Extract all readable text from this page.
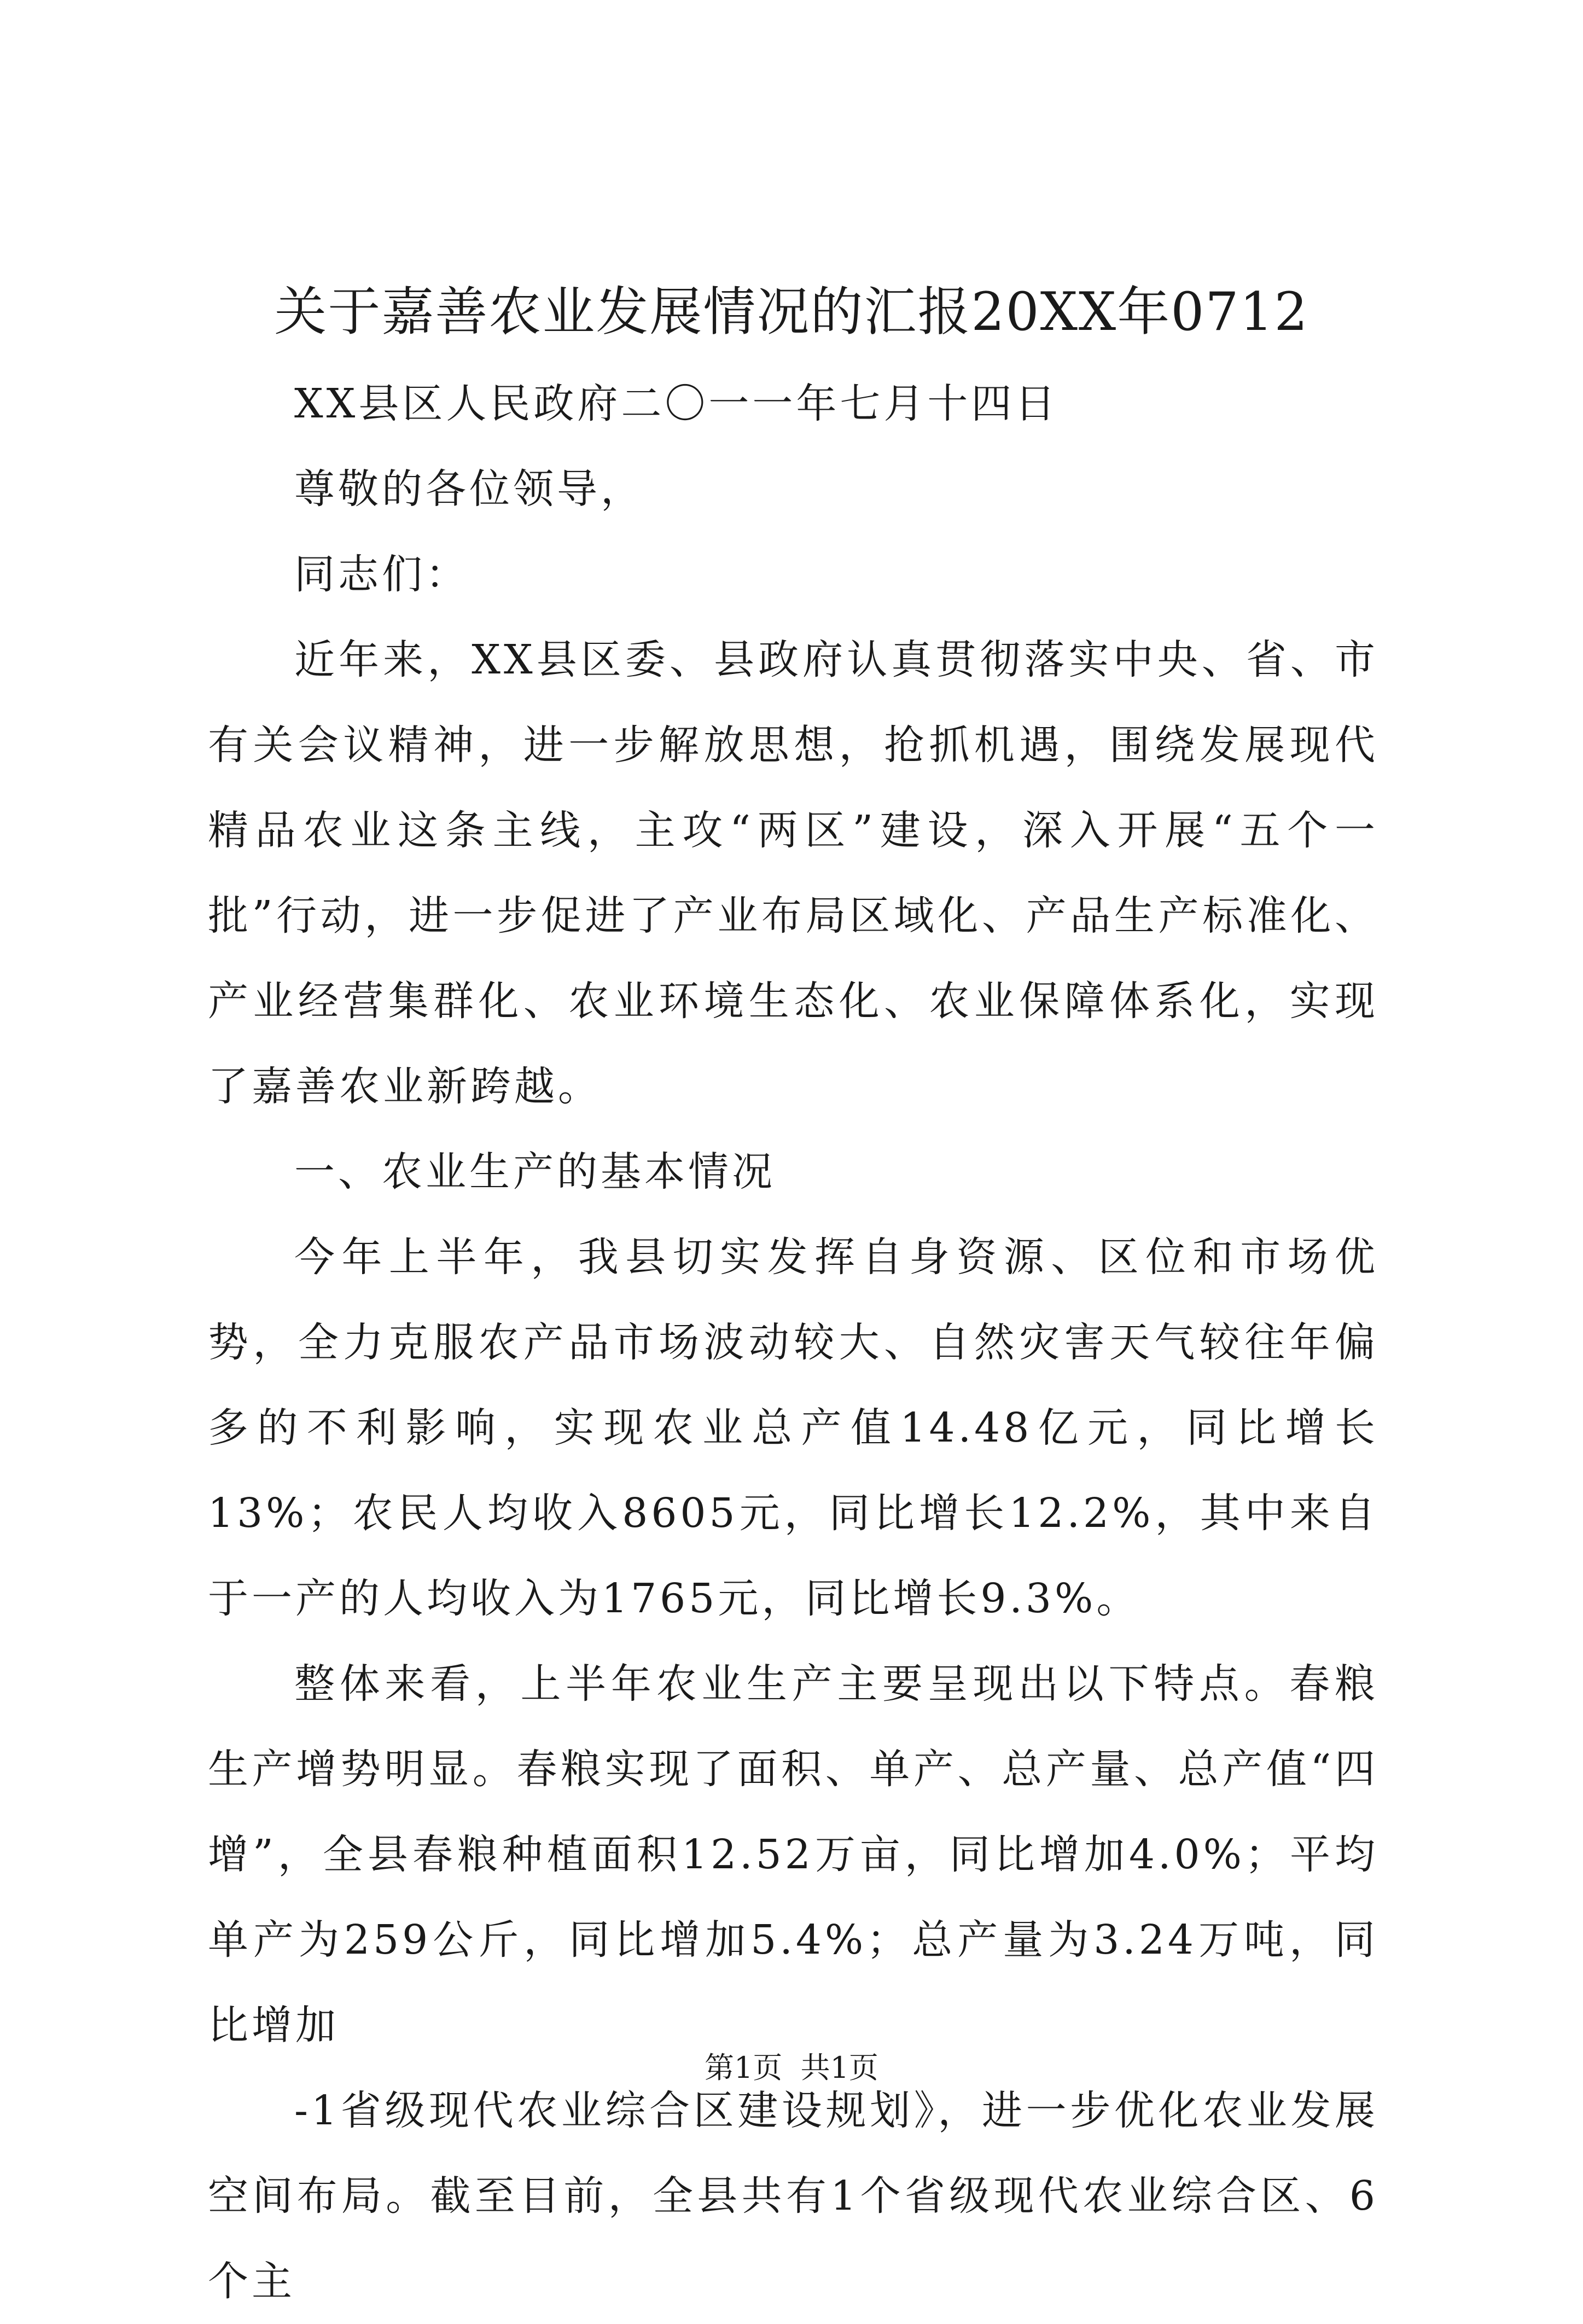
关于嘉善农业发展情况的汇报20XX年0712

XX县区人民政府二〇一一年七月十四日

尊敬的各位领导，

同志们：

近年来，XX县区委、县政府认真贯彻落实中央、省、市有关会议精神，进一步解放思想，抢抓机遇，围绕发展现代精品农业这条主线，主攻“两区”建设，深入开展“五个一批”行动，进一步促进了产业布局区域化、产品生产标准化、产业经营集群化、农业环境生态化、农业保障体系化，实现了嘉善农业新跨越。

一、农业生产的基本情况

今年上半年，我县切实发挥自身资源、区位和市场优势，全力克服农产品市场波动较大、自然灾害天气较往年偏多的不利影响，实现农业总产值14.48亿元，同比增长13%；农民人均收入8605元，同比增长12.2%，其中来自于一产的人均收入为1765元，同比增长9.3%。

整体来看，上半年农业生产主要呈现出以下特点。春粮生产增势明显。春粮实现了面积、单产、总产量、总产值“四增”，全县春粮种植面积12.52万亩，同比增加4.0%；平均单产为259公斤，同比增加5.4%；总产量为3.24万吨，同比增加

-1省级现代农业综合区建设规划》，进一步优化农业发展空间布局。截至目前，全县共有1个省级现代农业综合区、6个主

第1页 共1页
